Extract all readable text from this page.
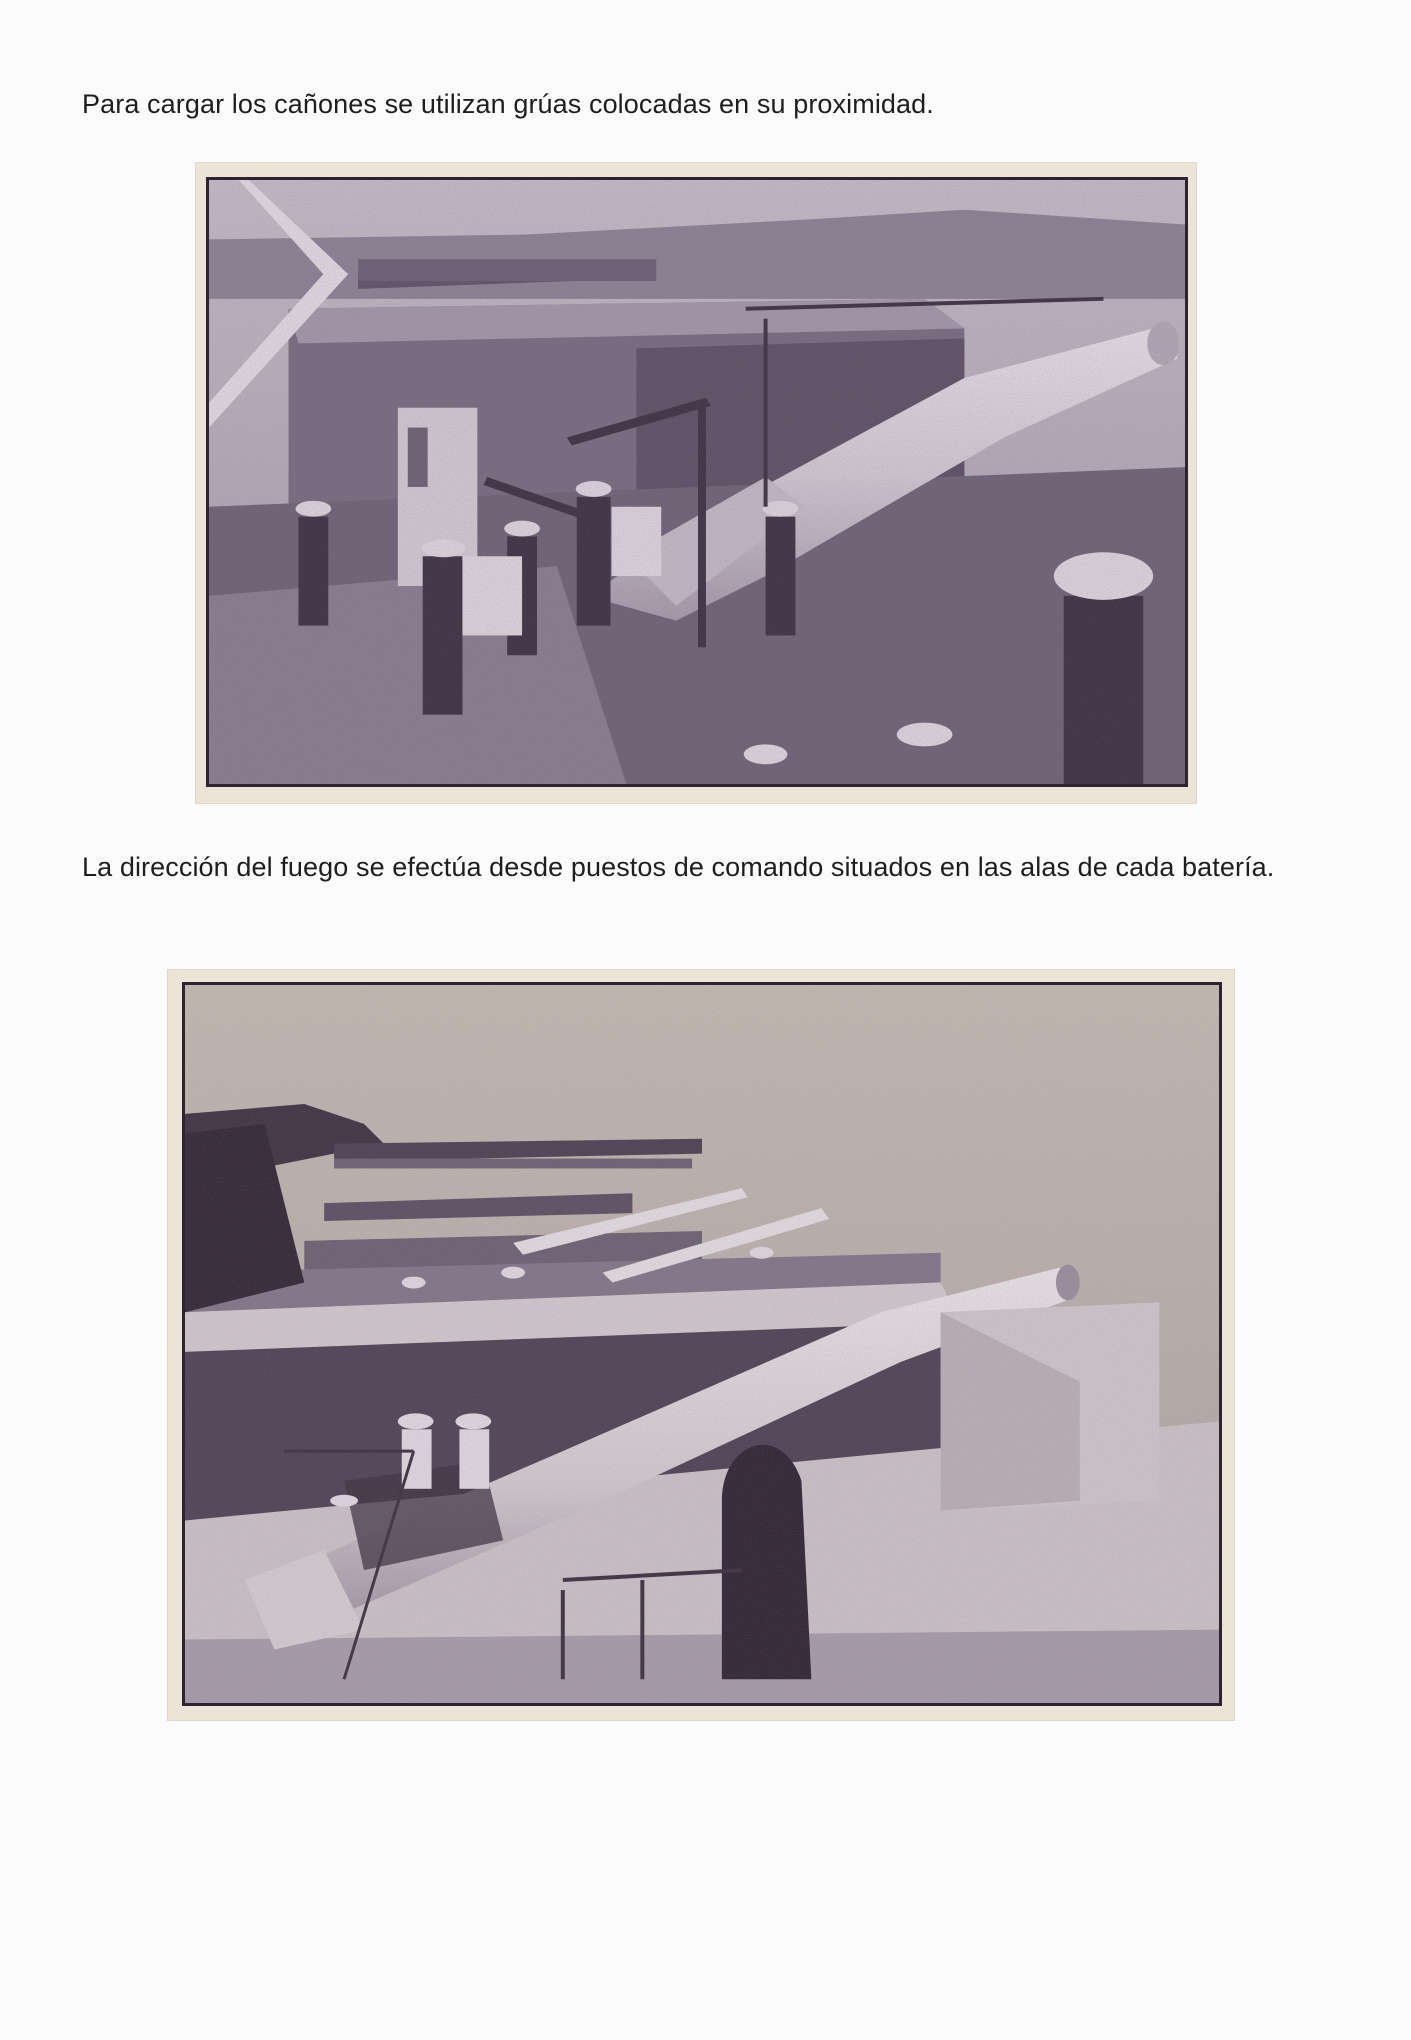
Para cargar los cañones se utilizan grúas colocadas en su proximidad.

La dirección del fuego se efectúa desde puestos de comando situados en las alas de cada batería.
